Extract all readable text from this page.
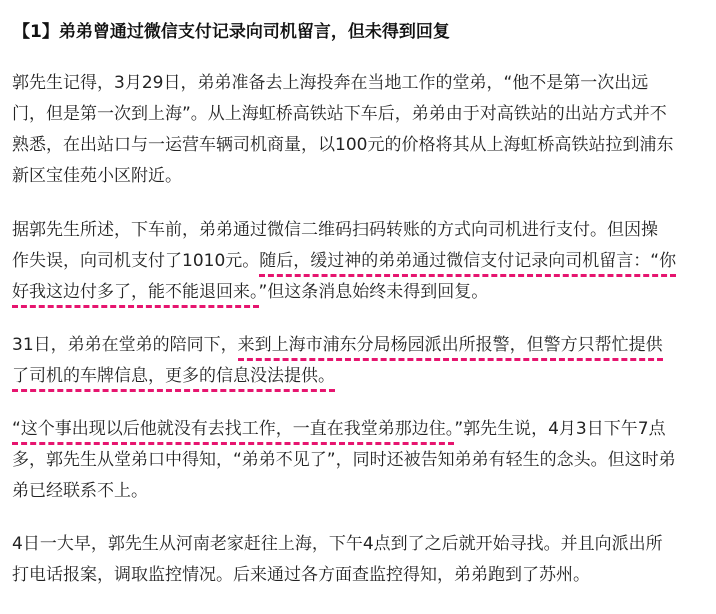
【1】弟弟曾通过微信支付记录向司机留言，但未得到回复
郭先生记得，3月29日，弟弟准备去上海投奔在当地工作的堂弟，“他不是第一次出远
门，但是第一次到上海”。从上海虹桥高铁站下车后，弟弟由于对高铁站的出站方式并不
熟悉，在出站口与一运营车辆司机商量，以100元的价格将其从上海虹桥高铁站拉到浦东
新区宝佳苑小区附近。
据郭先生所述，下车前，弟弟通过微信二维码扫码转账的方式向司机进行支付。但因操
作失误，向司机支付了1010元。随后，缓过神的弟弟通过微信支付记录向司机留言：“你
好我这边付多了，能不能退回来。”但这条消息始终未得到回复。
31日，弟弟在堂弟的陪同下，来到上海市浦东分局杨园派出所报警，但警方只帮忙提供
了司机的车牌信息，更多的信息没法提供。
“这个事出现以后他就没有去找工作，一直在我堂弟那边住。”郭先生说，4月3日下午7点
多，郭先生从堂弟口中得知，“弟弟不见了”，同时还被告知弟弟有轻生的念头。但这时弟
弟已经联系不上。
4日一大早，郭先生从河南老家赶往上海，下午4点到了之后就开始寻找。并且向派出所
打电话报案，调取监控情况。后来通过各方面查监控得知，弟弟跑到了苏州。
